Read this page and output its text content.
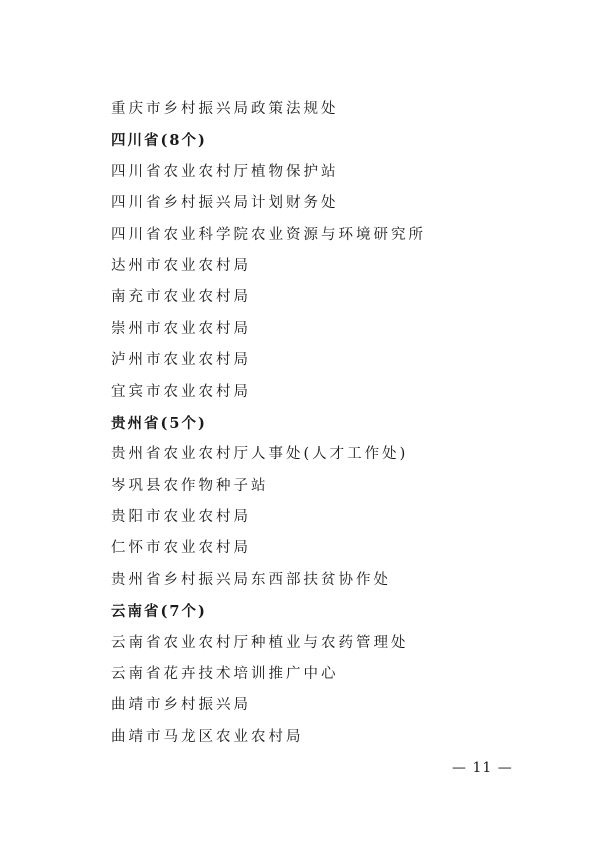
重庆市乡村振兴局政策法规处
四川省(8个)
四川省农业农村厅植物保护站
四川省乡村振兴局计划财务处
四川省农业科学院农业资源与环境研究所
达州市农业农村局
南充市农业农村局
崇州市农业农村局
泸州市农业农村局
宜宾市农业农村局
贵州省(5个)
贵州省农业农村厅人事处(人才工作处)
岑巩县农作物种子站
贵阳市农业农村局
仁怀市农业农村局
贵州省乡村振兴局东西部扶贫协作处
云南省(7个)
云南省农业农村厅种植业与农药管理处
云南省花卉技术培训推广中心
曲靖市乡村振兴局
曲靖市马龙区农业农村局
— 11 —
